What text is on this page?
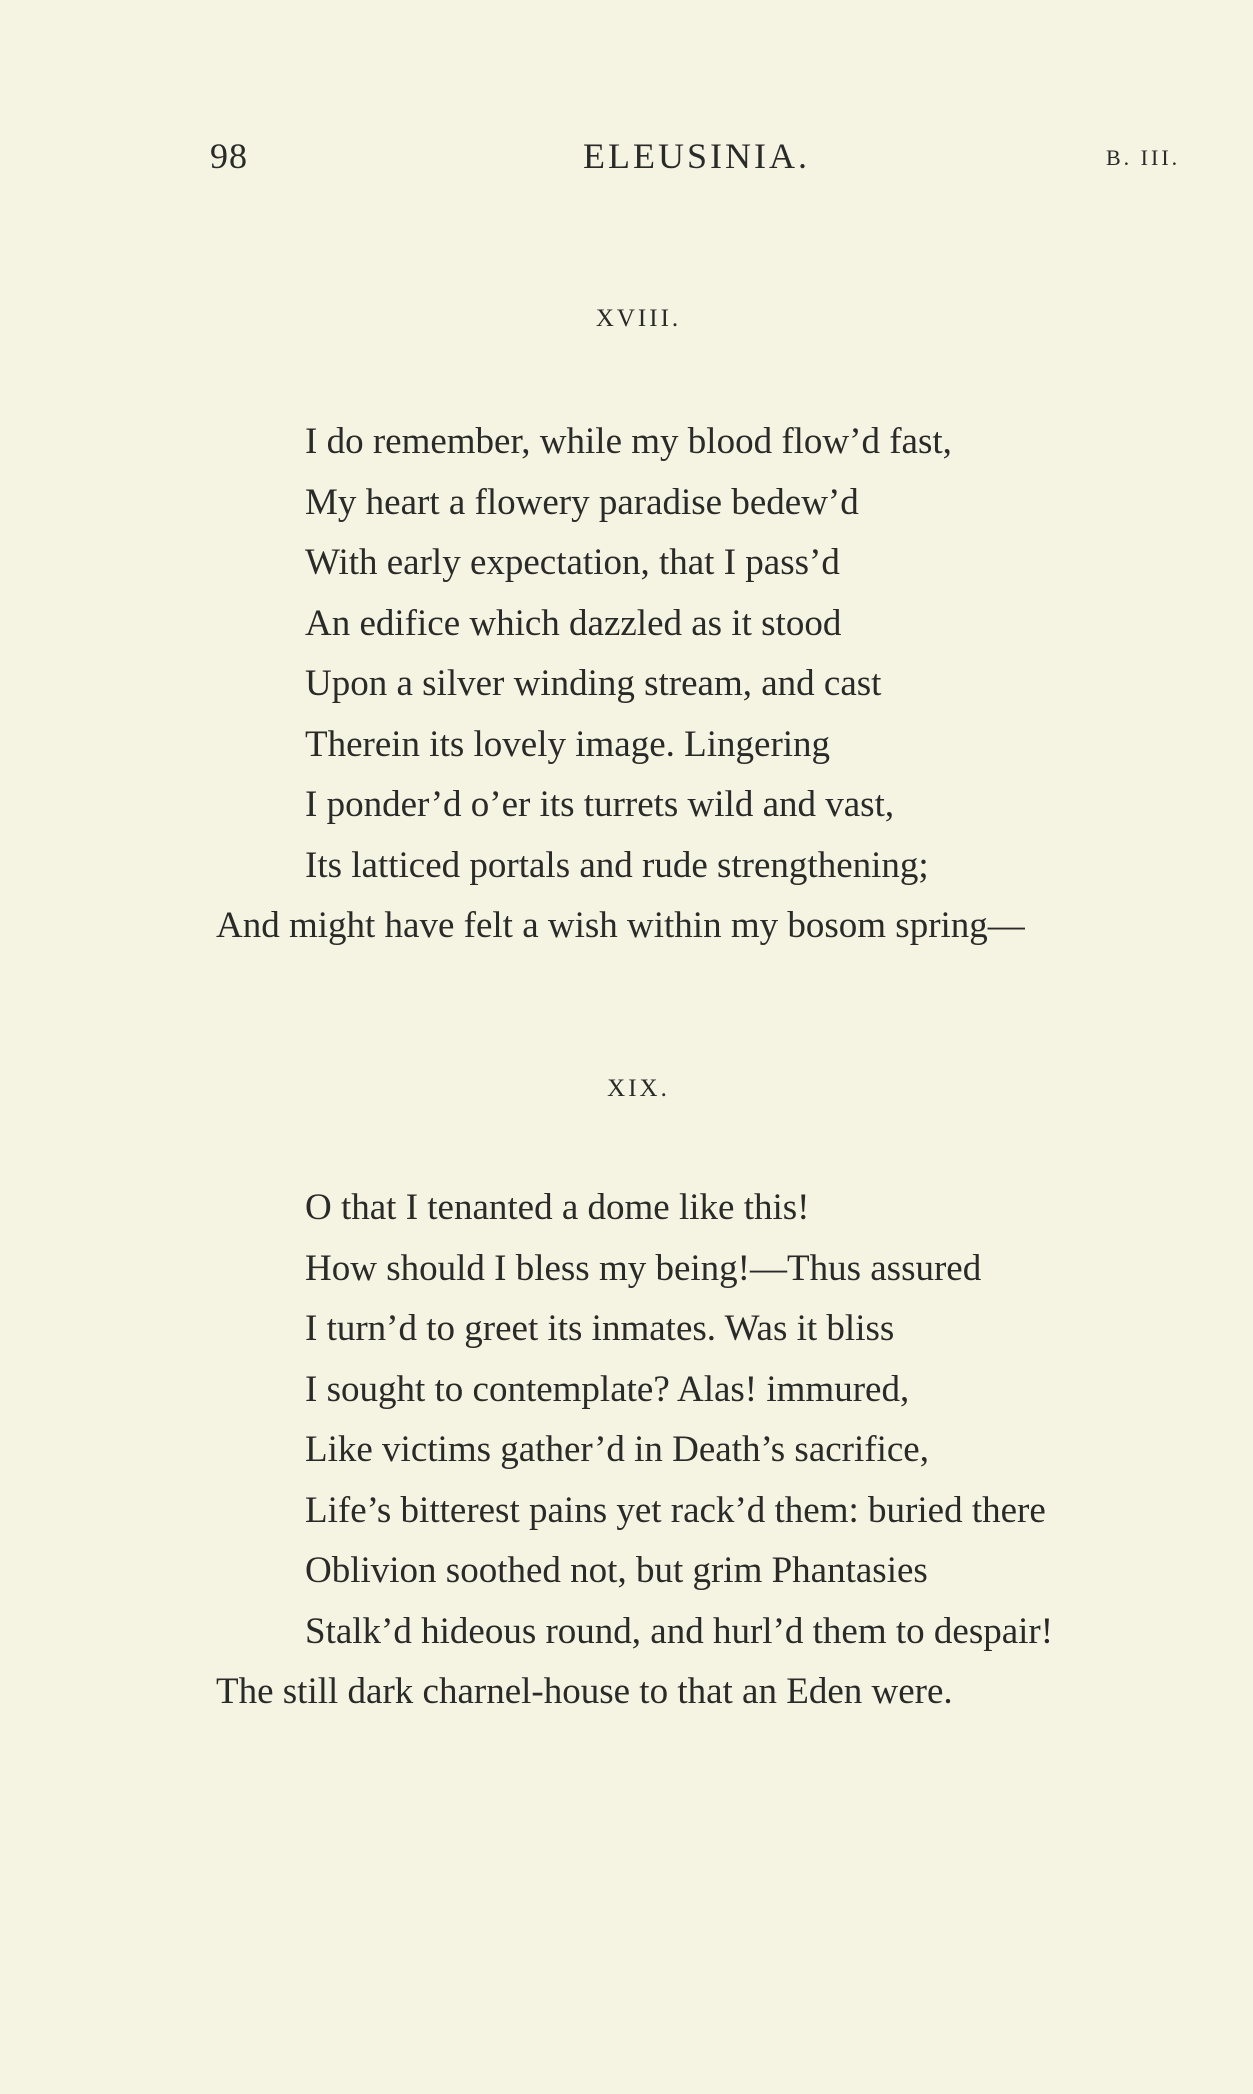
98	ELEUSINIA.	B. III.
XVIII.
I do remember, while my blood flow’d fast,
My heart a flowery paradise bedew’d
With early expectation, that I pass’d
An edifice which dazzled as it stood
Upon a silver winding stream, and cast
Therein its lovely image. Lingering
I ponder’d o’er its turrets wild and vast,
Its latticed portals and rude strengthening;
And might have felt a wish within my bosom spring—
XIX.
O that I tenanted a dome like this!
How should I bless my being!—Thus assured
I turn’d to greet its inmates. Was it bliss
I sought to contemplate? Alas! immured,
Like victims gather’d in Death’s sacrifice,
Life’s bitterest pains yet rack’d them: buried there
Oblivion soothed not, but grim Phantasies
Stalk’d hideous round, and hurl’d them to despair!
The still dark charnel-house to that an Eden were.
